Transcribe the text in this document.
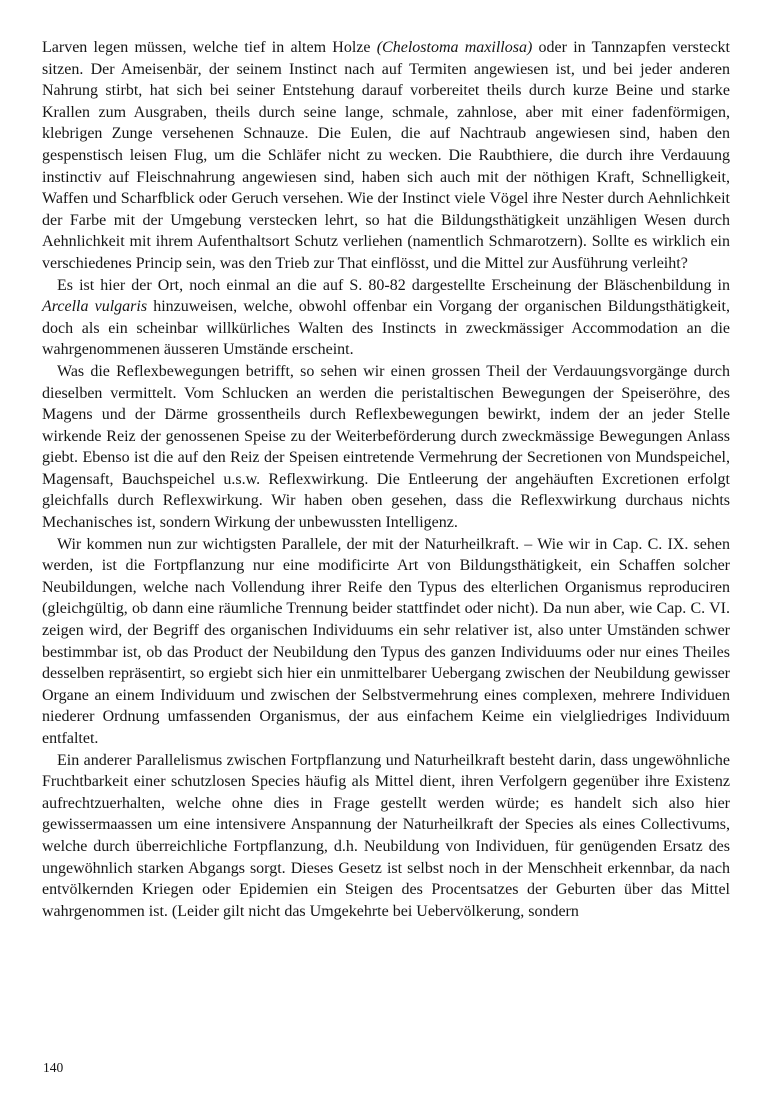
Larven legen müssen, welche tief in altem Holze (Chelostoma maxillosa) oder in Tannzapfen versteckt sitzen. Der Ameisenbär, der seinem Instinct nach auf Termiten angewiesen ist, und bei jeder anderen Nahrung stirbt, hat sich bei seiner Entstehung darauf vorbereitet theils durch kurze Beine und starke Krallen zum Ausgraben, theils durch seine lange, schmale, zahnlose, aber mit einer fadenförmigen, klebrigen Zunge versehenen Schnauze. Die Eulen, die auf Nachtraub angewiesen sind, haben den gespenstisch leisen Flug, um die Schläfer nicht zu wecken. Die Raubthiere, die durch ihre Verdauung instinctiv auf Fleischnahrung angewiesen sind, haben sich auch mit der nöthigen Kraft, Schnelligkeit, Waffen und Scharfblick oder Geruch versehen. Wie der Instinct viele Vögel ihre Nester durch Aehnlichkeit der Farbe mit der Umgebung verstecken lehrt, so hat die Bildungsthätigkeit unzähligen Wesen durch Aehnlichkeit mit ihrem Aufenthaltsort Schutz verliehen (namentlich Schmarotzern). Sollte es wirklich ein verschiedenes Princip sein, was den Trieb zur That einflösst, und die Mittel zur Ausführung verleiht?

Es ist hier der Ort, noch einmal an die auf S. 80-82 dargestellte Erscheinung der Bläschenbildung in Arcella vulgaris hinzuweisen, welche, obwohl offenbar ein Vorgang der organischen Bildungsthätigkeit, doch als ein scheinbar willkürliches Walten des Instincts in zweckmässiger Accommodation an die wahrgenommenen äusseren Umstände erscheint.

Was die Reflexbewegungen betrifft, so sehen wir einen grossen Theil der Verdauungsvorgänge durch dieselben vermittelt. Vom Schlucken an werden die peristaltischen Bewegungen der Speiseröhre, des Magens und der Därme grossentheils durch Reflexbewegungen bewirkt, indem der an jeder Stelle wirkende Reiz der genossenen Speise zu der Weiterbeförderung durch zweckmässige Bewegungen Anlass giebt. Ebenso ist die auf den Reiz der Speisen eintretende Vermehrung der Secretionen von Mundspeichel, Magensaft, Bauchspeichel u.s.w. Reflexwirkung. Die Entleerung der angehäuften Excretionen erfolgt gleichfalls durch Reflexwirkung. Wir haben oben gesehen, dass die Reflexwirkung durchaus nichts Mechanisches ist, sondern Wirkung der unbewussten Intelligenz.

Wir kommen nun zur wichtigsten Parallele, der mit der Naturheilkraft. – Wie wir in Cap. C. IX. sehen werden, ist die Fortpflanzung nur eine modificirte Art von Bildungsthätigkeit, ein Schaffen solcher Neubildungen, welche nach Vollendung ihrer Reife den Typus des elterlichen Organismus reproduciren (gleichgültig, ob dann eine räumliche Trennung beider stattfindet oder nicht). Da nun aber, wie Cap. C. VI. zeigen wird, der Begriff des organischen Individuums ein sehr relativer ist, also unter Umständen schwer bestimmbar ist, ob das Product der Neubildung den Typus des ganzen Individuums oder nur eines Theiles desselben repräsentirt, so ergiebt sich hier ein unmittelbarer Uebergang zwischen der Neubildung gewisser Organe an einem Individuum und zwischen der Selbstvermehrung eines complexen, mehrere Individuen niederer Ordnung umfassenden Organismus, der aus einfachem Keime ein vielgliedriges Individuum entfaltet.

Ein anderer Parallelismus zwischen Fortpflanzung und Naturheilkraft besteht darin, dass ungewöhnliche Fruchtbarkeit einer schutzlosen Species häufig als Mittel dient, ihren Verfolgern gegenüber ihre Existenz aufrechtzuerhalten, welche ohne dies in Frage gestellt werden würde; es handelt sich also hier gewissermaassen um eine intensivere Anspannung der Naturheilkraft der Species als eines Collectivums, welche durch überreichliche Fortpflanzung, d.h. Neubildung von Individuen, für genügenden Ersatz des ungewöhnlich starken Abgangs sorgt. Dieses Gesetz ist selbst noch in der Menschheit erkennbar, da nach entvölkernden Kriegen oder Epidemien ein Steigen des Procentsatzes der Geburten über das Mittel wahrgenommen ist. (Leider gilt nicht das Umgekehrte bei Uebervölkerung, sondern

140
